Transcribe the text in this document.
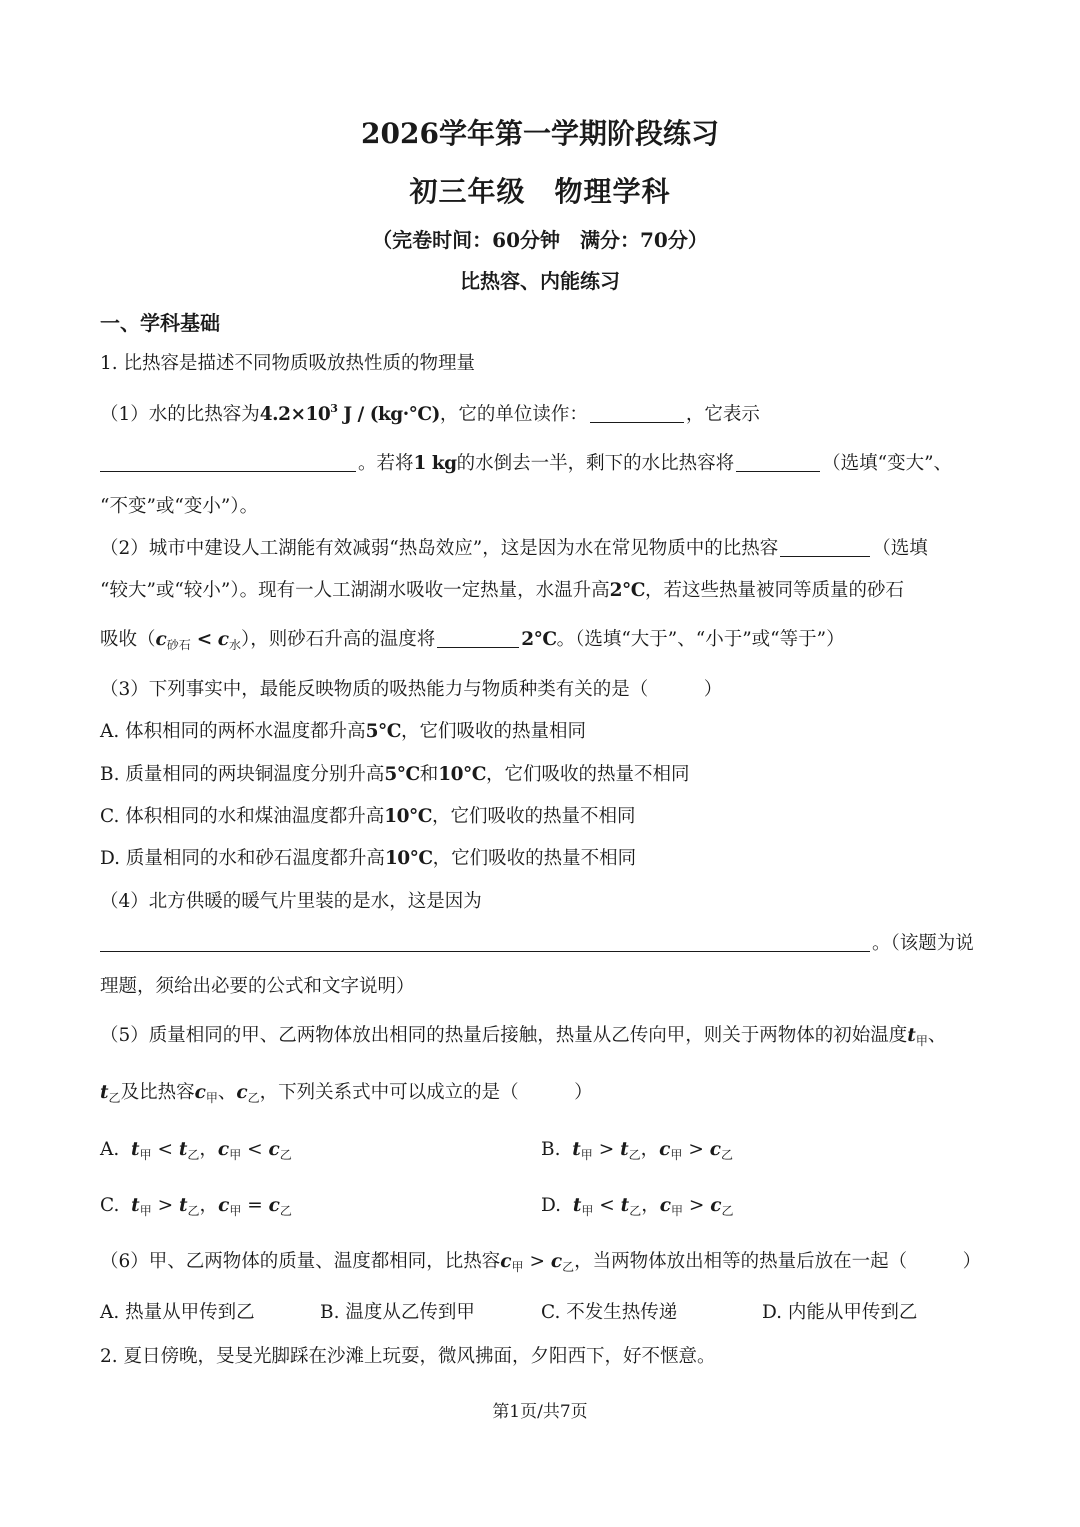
2026学年第一学期阶段练习
初三年级　物理学科
（完卷时间：60分钟　满分：70分）
比热容、内能练习
一、学科基础
1. 比热容是描述不同物质吸放热性质的物理量
（1）水的比热容为$4.2\times 10^3$ J / (kg·°C)，它的单位读作：	，它表示
。若将1 kg的水倒去一半，剩下的水比热容将	（选填“变大”、
“不变”或“变小”）。
（2）城市中建设人工湖能有效减弱“热岛效应”，这是因为水在常见物质中的比热容	（选填
“较大”或“较小”）。现有一人工湖湖水吸收一定热量，水温升高2°C，若这些热量被同等质量的砂石
吸收$(c_{砂石} < c_水)$，则砂石升高的温度将	2°C。（选填“大于”、“小于”或“等于”）
（3）下列事实中，最能反映物质的吸热能力与物质种类有关的是（　　　）
A. 体积相同的两杯水温度都升高5°C，它们吸收的热量相同
B. 质量相同的两块铜温度分别升高5°C和10°C，它们吸收的热量不相同
C. 体积相同的水和煤油温度都升高10°C，它们吸收的热量不相同
D. 质量相同的水和砂石温度都升高10°C，它们吸收的热量不相同
（4）北方供暖的暖气片里装的是水，这是因为
。（该题为说
理题，须给出必要的公式和文字说明）
（5）质量相同的甲、乙两物体放出相同的热量后接触，热量从乙传向甲，则关于两物体的初始温度$t_甲$、
$t_乙$及比热容$c_甲$、$c_乙$，下列关系式中可以成立的是（　　　）
A. $t_甲 < t_乙$，$c_甲 < c_乙$	B. $t_甲 > t_乙$，$c_甲 > c_乙$
C. $t_甲 > t_乙$，$c_甲 = c_乙$	D. $t_甲 < t_乙$，$c_甲 > c_乙$
（6）甲、乙两物体的质量、温度都相同，比热容$c_甲 > c_乙$，当两物体放出相等的热量后放在一起（　　　）
A. 热量从甲传到乙	B. 温度从乙传到甲	C. 不发生热传递	D. 内能从甲传到乙
2. 夏日傍晚，旻旻光脚踩在沙滩上玩耍，微风拂面，夕阳西下，好不惬意。
第1页/共7页
